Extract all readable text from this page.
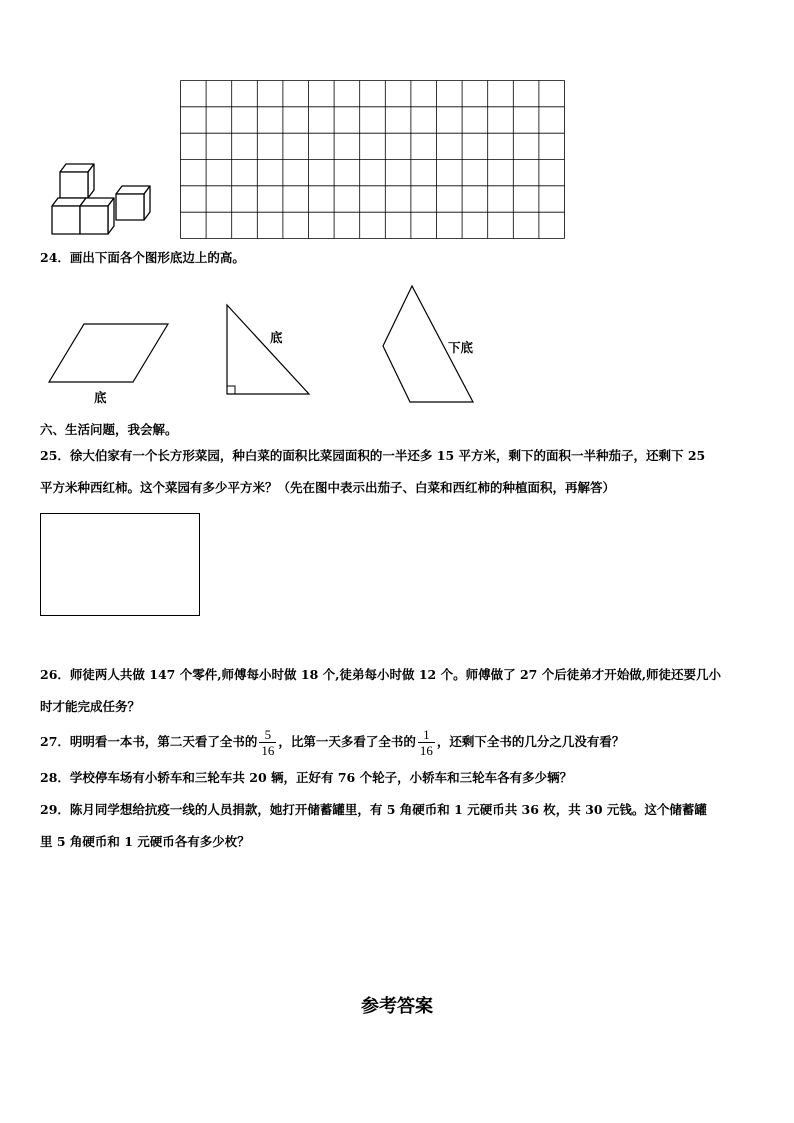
24．画出下面各个图形底边上的高。
底
底
下底
六、生活问题，我会解。
25．徐大伯家有一个长方形菜园，种白菜的面积比菜园面积的一半还多 15 平方米，剩下的面积一半种茄子，还剩下 25
平方米种西红柿。这个菜园有多少平方米？（先在图中表示出茄子、白菜和西红柿的种植面积，再解答）
26．师徒两人共做 147 个零件,师傅每小时做 18 个,徒弟每小时做 12 个。师傅做了 27 个后徒弟才开始做,师徒还要几小
时才能完成任务？
27．明明看一本书，第二天看了全书的 $\frac{5}{16}$ ，比第一天多看了全书的 $\frac{1}{16}$ ，还剩下全书的几分之几没有看？
28．学校停车场有小轿车和三轮车共 20 辆，正好有 76 个轮子，小轿车和三轮车各有多少辆？
29．陈月同学想给抗疫一线的人员捐款，她打开储蓄罐里，有 5 角硬币和 1 元硬币共 36 枚，共 30 元钱。这个储蓄罐
里 5 角硬币和 1 元硬币各有多少枚？
参考答案
